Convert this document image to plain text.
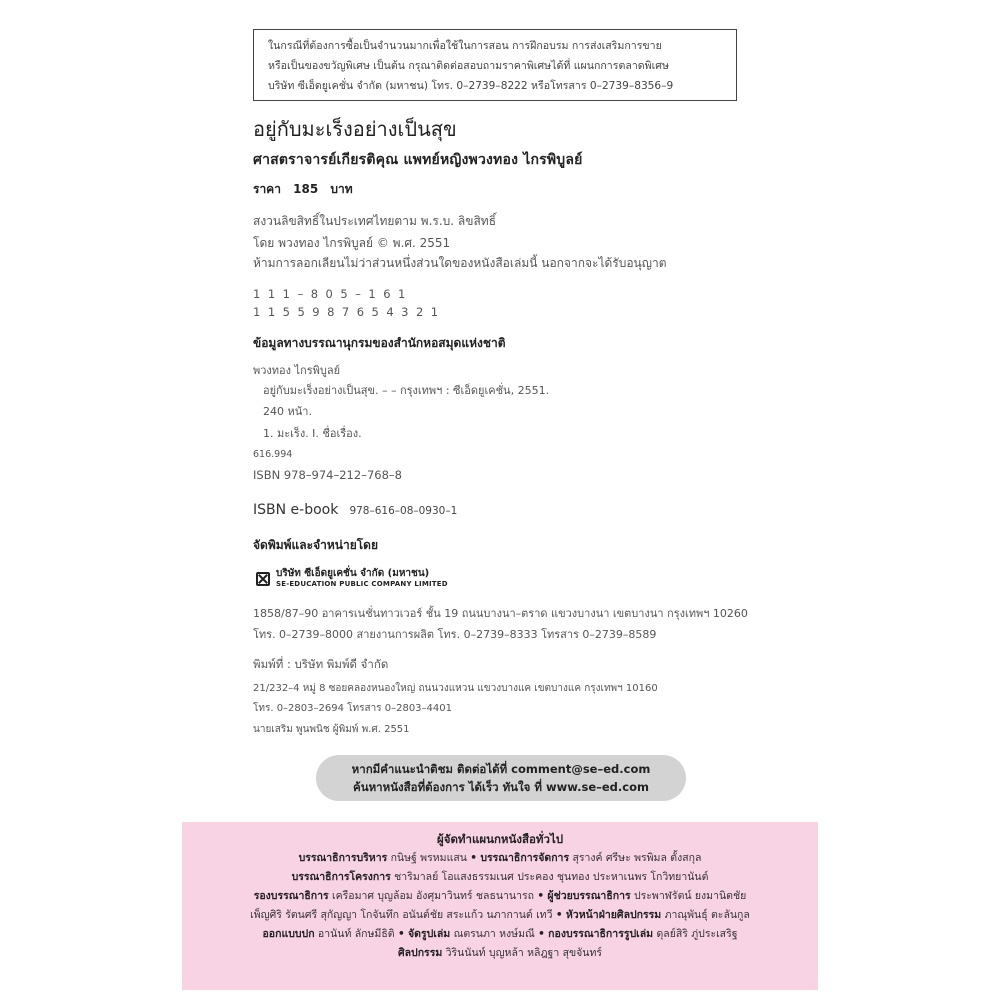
ในกรณีที่ต้องการซื้อเป็นจำนวนมากเพื่อใช้ในการสอน การฝึกอบรม การส่งเสริมการขาย
หรือเป็นของขวัญพิเศษ เป็นต้น กรุณาติดต่อสอบถามราคาพิเศษได้ที่ แผนกการตลาดพิเศษ
บริษัท ซีเอ็ดยูเคชั่น จำกัด (มหาชน) โทร. 0–2739–8222 หรือโทรสาร 0–2739–8356–9
อยู่กับมะเร็งอย่างเป็นสุข
ศาสตราจารย์เกียรติคุณ แพทย์หญิงพวงทอง ไกรพิบูลย์
ราคา 185 บาท
สงวนลิขสิทธิ์ในประเทศไทยตาม พ.ร.บ. ลิขสิทธิ์
โดย พวงทอง ไกรพิบูลย์ © พ.ศ. 2551
ห้ามการลอกเลียนไม่ว่าส่วนหนึ่งส่วนใดของหนังสือเล่มนี้ นอกจากจะได้รับอนุญาต
111–805–161
1155987654321
ข้อมูลทางบรรณานุกรมของสำนักหอสมุดแห่งชาติ
พวงทอง ไกรพิบูลย์
อยู่กับมะเร็งอย่างเป็นสุข. – – กรุงเทพฯ : ซีเอ็ดยูเคชั่น, 2551.
240 หน้า.
1. มะเร็ง. I. ชื่อเรื่อง.
616.994
ISBN 978–974–212–768–8
ISBN e-book 978–616–08–0930–1
จัดพิมพ์และจำหน่ายโดย
บริษัท ซีเอ็ดยูเคชั่น จำกัด (มหาชน)
SE-EDUCATION PUBLIC COMPANY LIMITED
1858/87–90 อาคารเนชั่นทาวเวอร์ ชั้น 19 ถนนบางนา–ตราด แขวงบางนา เขตบางนา กรุงเทพฯ 10260
โทร. 0–2739–8000 สายงานการผลิต โทร. 0–2739–8333 โทรสาร 0–2739–8589
พิมพ์ที่ : บริษัท พิมพ์ดี จำกัด
21/232–4 หมู่ 8 ซอยคลองหนองใหญ่ ถนนวงแหวน แขวงบางแค เขตบางแค กรุงเทพฯ 10160
โทร. 0–2803–2694 โทรสาร 0–2803–4401
นายเสริม พูนพนิช ผู้พิมพ์ พ.ศ. 2551
หากมีคำแนะนำติชม ติดต่อได้ที่ comment@se–ed.com
ค้นหาหนังสือที่ต้องการ ได้เร็ว ทันใจ ที่ www.se–ed.com
ผู้จัดทำแผนกหนังสือทั่วไป
บรรณาธิการบริหาร กนิษฐ์ พรหมแสน • บรรณาธิการจัดการ สุรางค์ ศรีษะ พรพิมล ตั้งสกุล
บรรณาธิการโครงการ ชาริมาลย์ โอแสงธรรมเนศ ประคอง ชุนทอง ประหาเนพร โกวิทยานันต์
รองบรรณาธิการ เครือมาศ บุญล้อม อังศุมาวินทร์ ชลธนานารถ • ผู้ช่วยบรรณาธิการ ประพาฬรัตน์ ยงมานิตชัย
เพ็ญศิริ รัตนศรี สุกัญญา โกจันทึก อนันต์ชัย สระแก้ว นภากานต์ เทวี • หัวหน้าฝ่ายศิลปกรรม ภาณุพันธุ์ ตะลันกูล
ออกแบบปก อานันท์ ลักษมีธิติ • จัดรูปเล่ม ณตรนภา หงษ์มณี • กองบรรณาธิการรูปเล่ม ดุลย์สิริ ภู่ประเสริฐ
ศิลปกรรม วิรินนันท์ บุญหล้า หลิฎฐา สุขจันทร์
